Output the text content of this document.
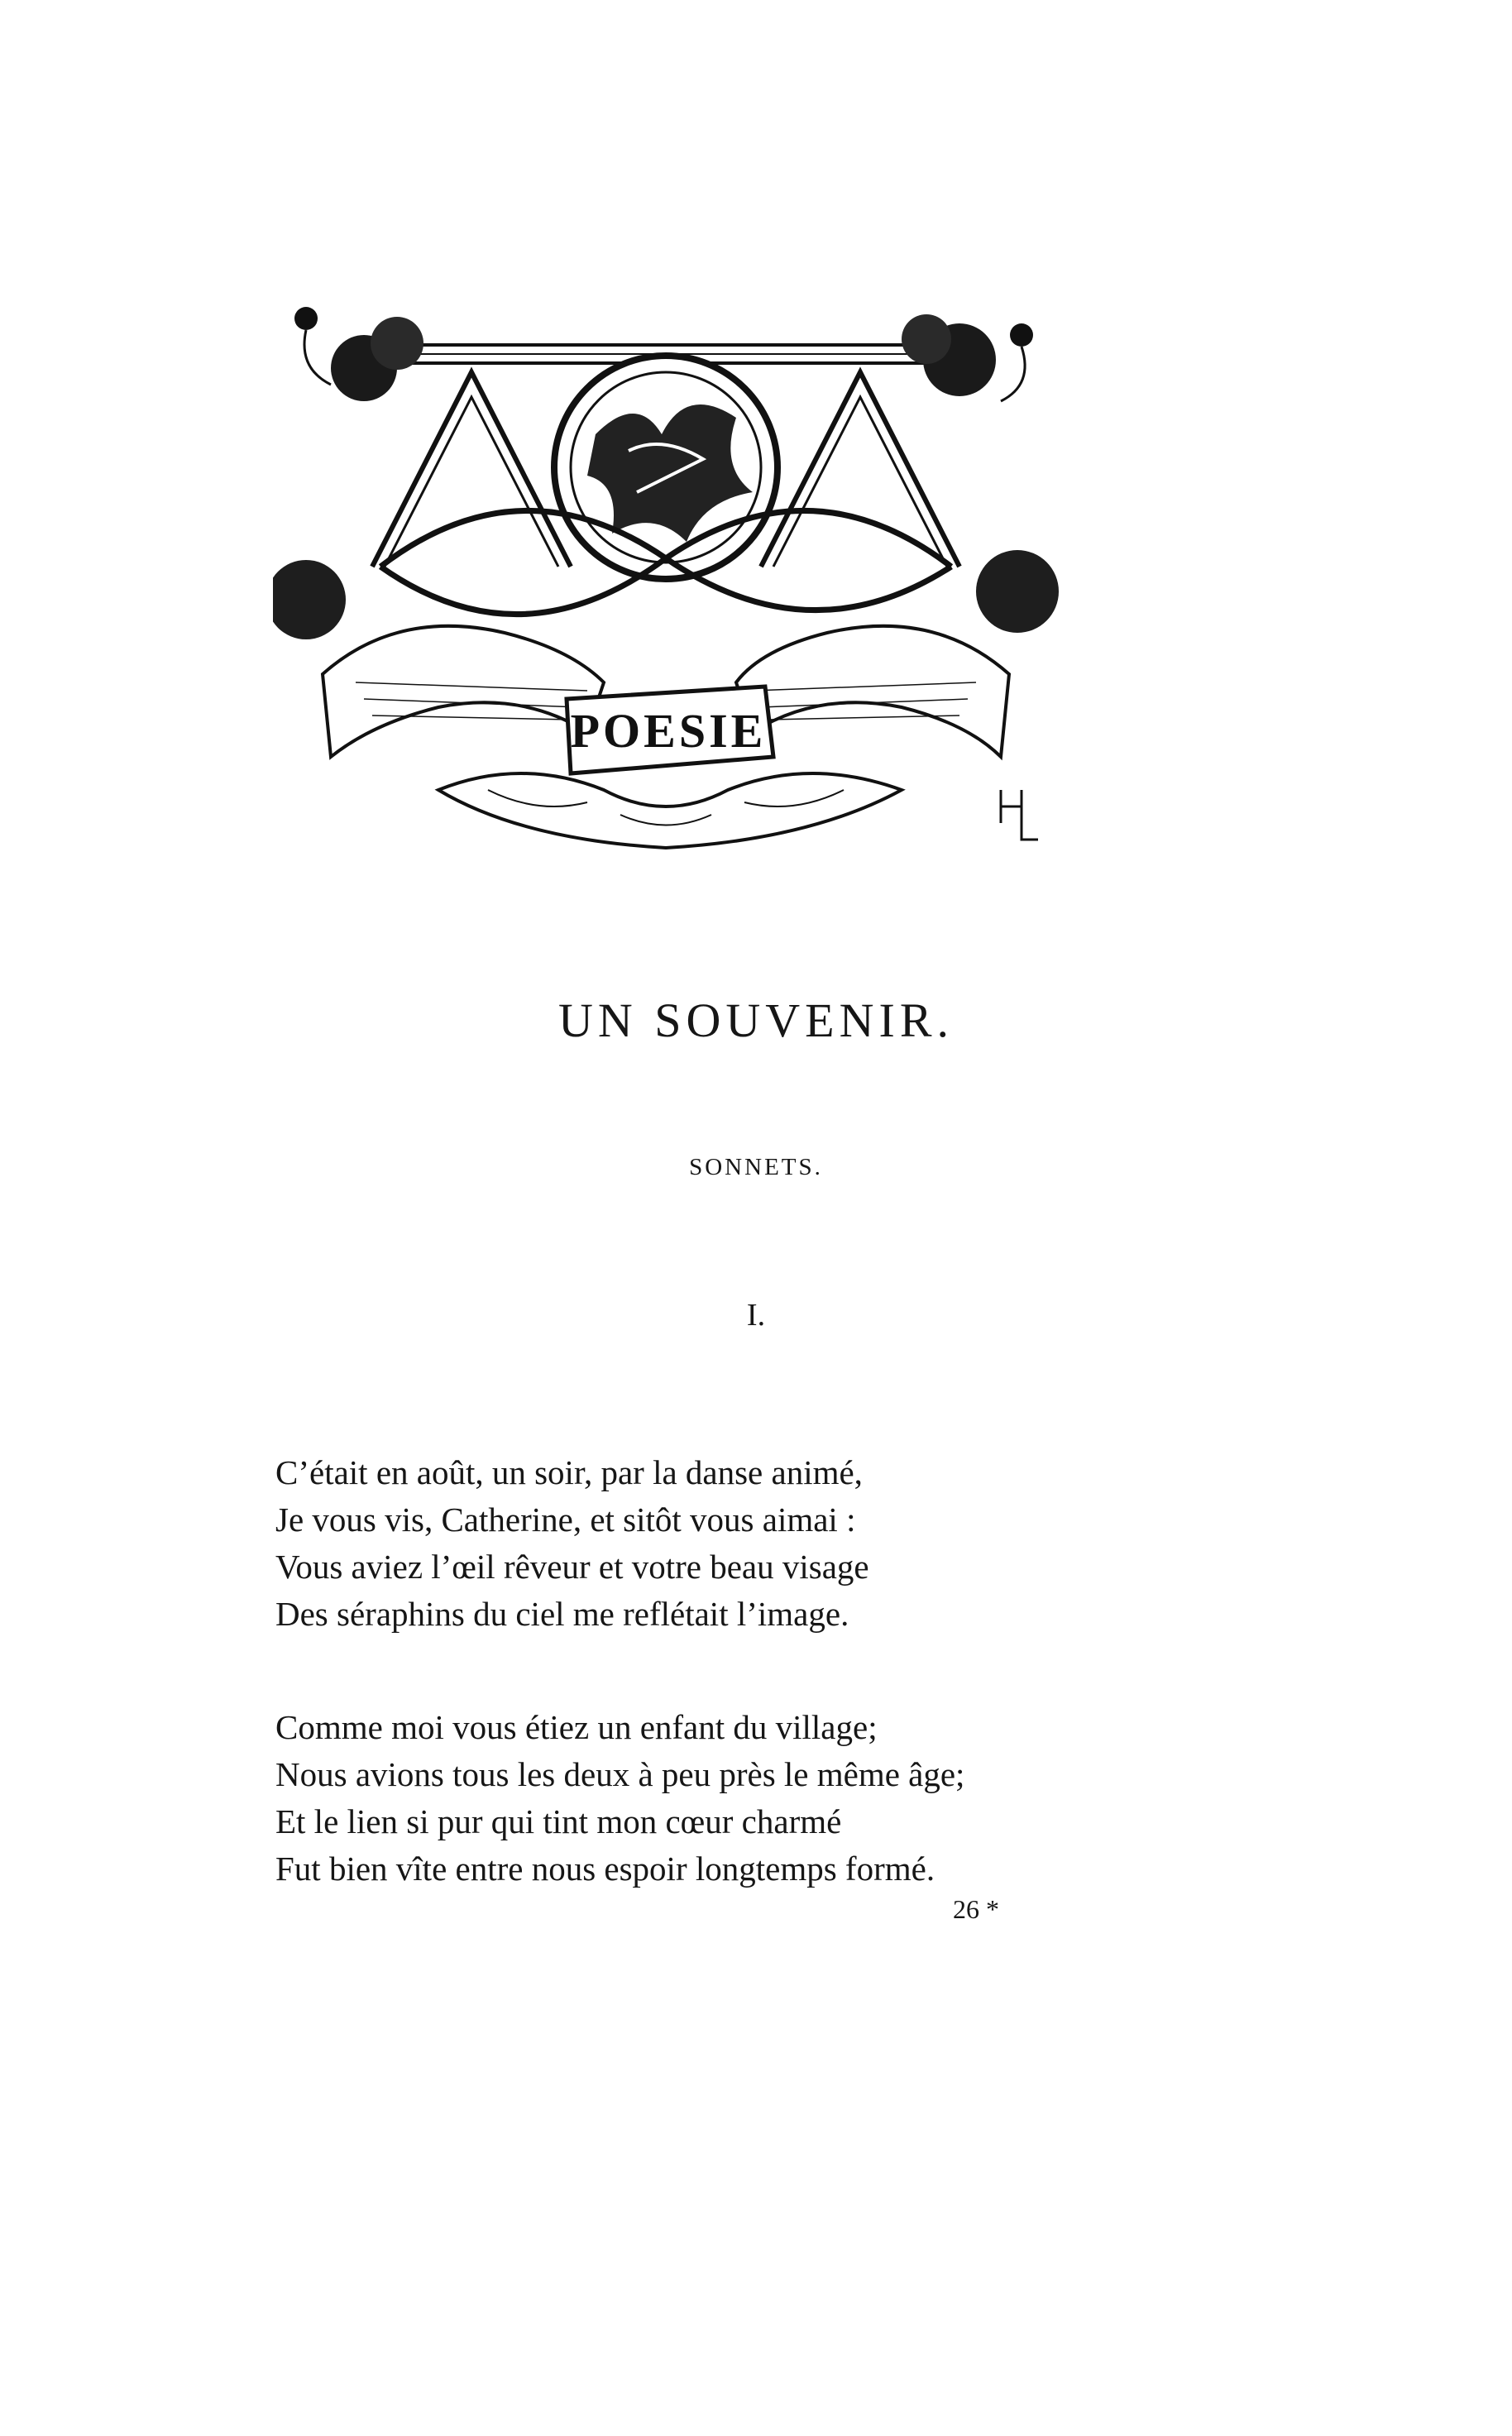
POESIE
UN SOUVENIR.
SONNETS.
I.
C’était en août, un soir, par la danse animé,
Je vous vis, Catherine, et sitôt vous aimai :
Vous aviez l’œil rêveur et votre beau visage
Des séraphins du ciel me reflétait l’image.
Comme moi vous étiez un enfant du village;
Nous avions tous les deux à peu près le même âge;
Et le lien si pur qui tint mon cœur charmé
Fut bien vîte entre nous espoir longtemps formé.
26 *
